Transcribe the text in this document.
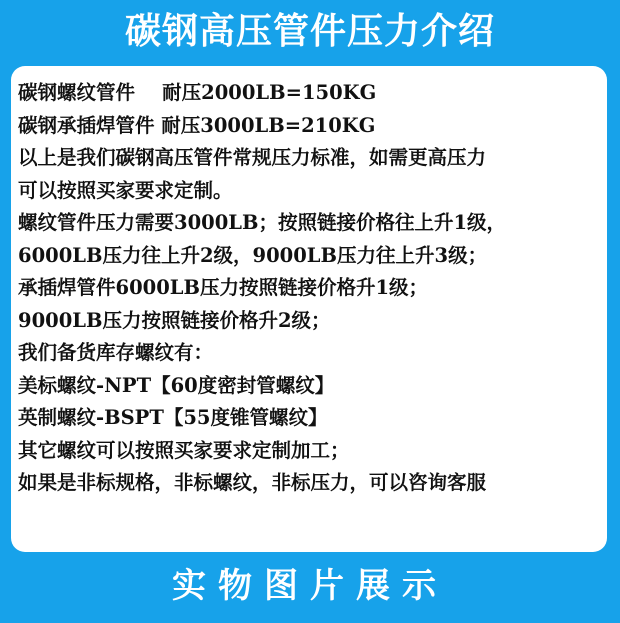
碳钢高压管件压力介绍
碳钢螺纹管件    耐压2000LB=150KG
碳钢承插焊管件 耐压3000LB=210KG
以上是我们碳钢高压管件常规压力标准，如需更高压力
可以按照买家要求定制。
螺纹管件压力需要3000LB；按照链接价格往上升1级，
6000LB压力往上升2级，9000LB压力往上升3级；
承插焊管件6000LB压力按照链接价格升1级；
9000LB压力按照链接价格升2级；
我们备货库存螺纹有：
美标螺纹-NPT【60度密封管螺纹】
英制螺纹-BSPT【55度锥管螺纹】
其它螺纹可以按照买家要求定制加工；
如果是非标规格，非标螺纹，非标压力，可以咨询客服
实物图片展示
